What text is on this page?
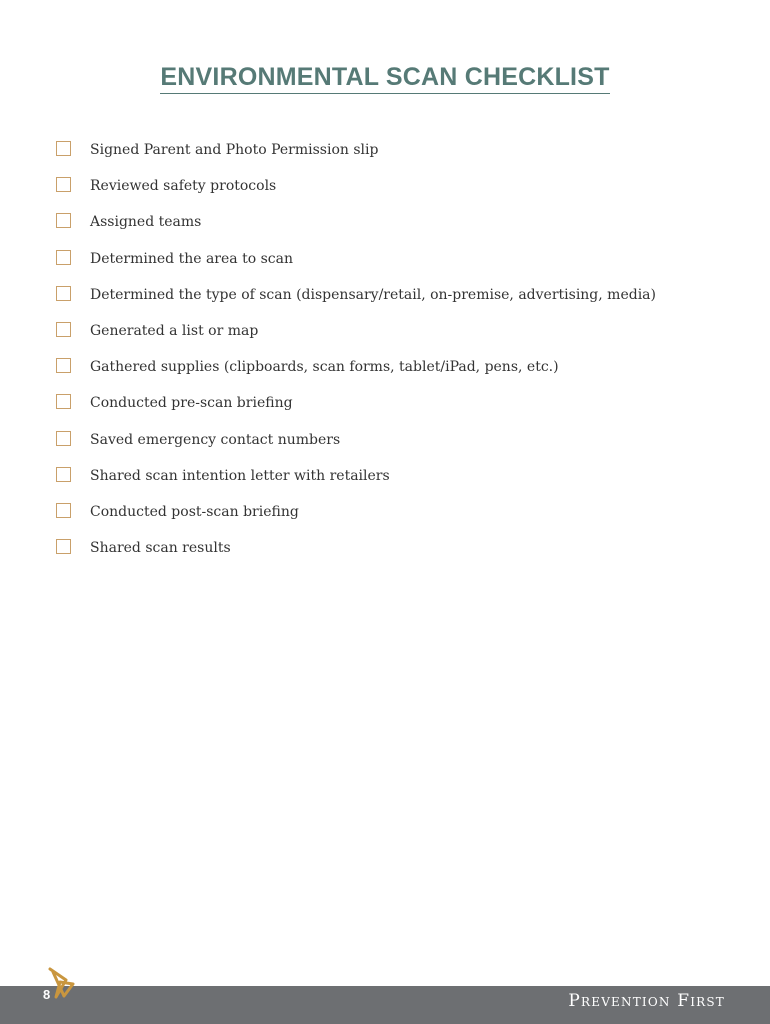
ENVIRONMENTAL SCAN CHECKLIST
Signed Parent and Photo Permission slip
Reviewed safety protocols
Assigned teams
Determined the area to scan
Determined the type of scan (dispensary/retail, on-premise, advertising, media)
Generated a list or map
Gathered supplies (clipboards, scan forms, tablet/iPad, pens, etc.)
Conducted pre-scan briefing
Saved emergency contact numbers
Shared scan intention letter with retailers
Conducted post-scan briefing
Shared scan results
8	Prevention First
